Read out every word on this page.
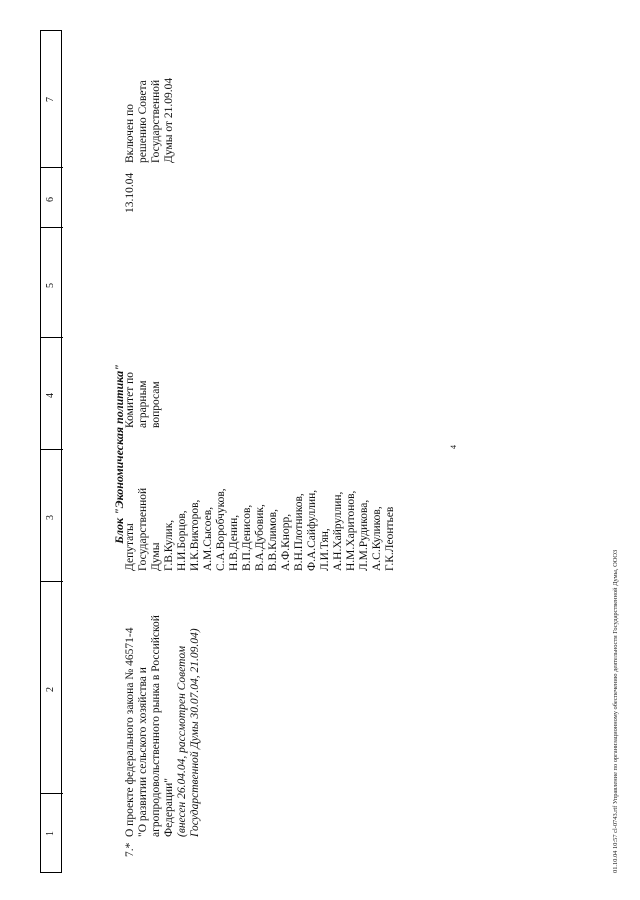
4
1
2
3
4
5
6
7
Блок "Экономическая политика"
7.*
О проекте федерального закона № 46571-4
"О развитии сельского хозяйства и
агропродовольственного рынка в Российской
Федерации" (внесен 26.04.04, рассмотрен Советом
Государственной Думы 30.07.04, 21.09.04)
Депутаты
Государственной
Думы
Г.В.Кулик,
Н.И.Борцов,
И.К.Викторов,
А.М.Сысоев,
С.А.Воробчуков,
Н.В.Денин,
В.П.Денисов,
В.А.Дубовик,
В.В.Климов,
А.Ф.Кнорр,
В.Н.Плотников,
Ф.А.Сайфуллин,
Л.И.Тян,
А.Н.Хайруллин,
Н.М.Харитонов,
Л.М.Рудикова,
А.С.Куликов,
Г.К.Леонтьев
Комитет по
аграрным
вопросам
13.10.04
Включен по
решению Совета
Государственной
Думы от 21.09.04
01.10.04 10:57 cl-0743.rtf Управление по организационному обеспечению деятельности Государственной Думы, ООО3
